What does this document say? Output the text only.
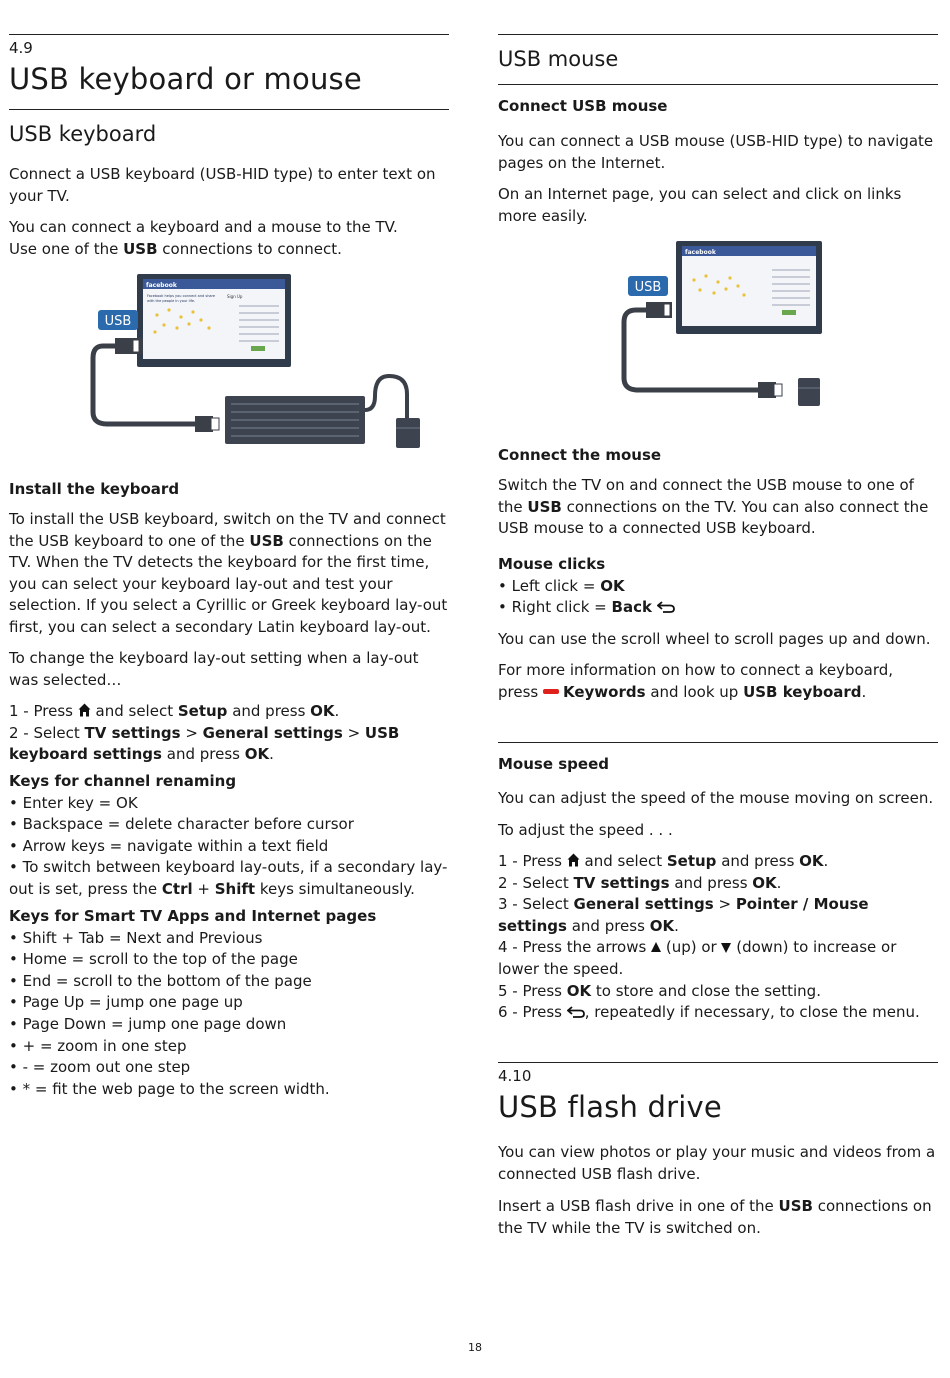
4.9

USB keyboard or mouse
USB keyboard

Connect a USB keyboard (USB-HID type) to enter text on your TV.

You can connect a keyboard and a mouse to the TV.
Use one of the USB connections to connect.

facebook
Facebook helps you connect and share
with the people in your life.
Sign Up
USB
Install the keyboard

To install the USB keyboard, switch on the TV and connect the USB keyboard to one of the USB connections on the TV. When the TV detects the keyboard for the first time, you can select your keyboard lay-out and test your selection. If you select a Cyrillic or Greek keyboard lay-out first, you can select a secondary Latin keyboard lay-out.

To change the keyboard lay-out setting when a lay-out was selected…

1 - Press  and select Setup and press OK.
2 - Select TV settings > General settings > USB keyboard settings and press OK.

Keys for channel renaming
• Enter key = OK
• Backspace = delete character before cursor
• Arrow keys = navigate within a text field
• To switch between keyboard lay-outs, if a secondary lay-out is set, press the Ctrl + Shift keys simultaneously.

Keys for Smart TV Apps and Internet pages
• Shift + Tab = Next and Previous
• Home = scroll to the top of the page
• End = scroll to the bottom of the page
• Page Up = jump one page up
• Page Down = jump one page down
• + = zoom in one step
• - = zoom out one step
• * = fit the web page to the screen width.

USB mouse
Connect USB mouse

You can connect a USB mouse (USB-HID type) to navigate pages on the Internet.

On an Internet page, you can select and click on links more easily.

facebook
USB
Connect the mouse

Switch the TV on and connect the USB mouse to one of the USB connections on the TV. You can also connect the USB mouse to a connected USB keyboard.

Mouse clicks
• Left click = OK
• Right click = Back

You can use the scroll wheel to scroll pages up and down.

For more information on how to connect a keyboard,
press Keywords and look up USB keyboard.

Mouse speed

You can adjust the speed of the mouse moving on screen.

To adjust the speed . . .

1 - Press  and select Setup and press OK.
2 - Select TV settings and press OK.
3 - Select General settings > Pointer / Mouse settings and press OK.
4 - Press the arrows  (up) or  (down) to increase or lower the speed.
5 - Press OK to store and close the setting.
6 - Press , repeatedly if necessary, to close the menu.

4.10

USB flash drive

You can view photos or play your music and videos from a connected USB flash drive.

Insert a USB flash drive in one of the USB connections on the TV while the TV is switched on.

18
